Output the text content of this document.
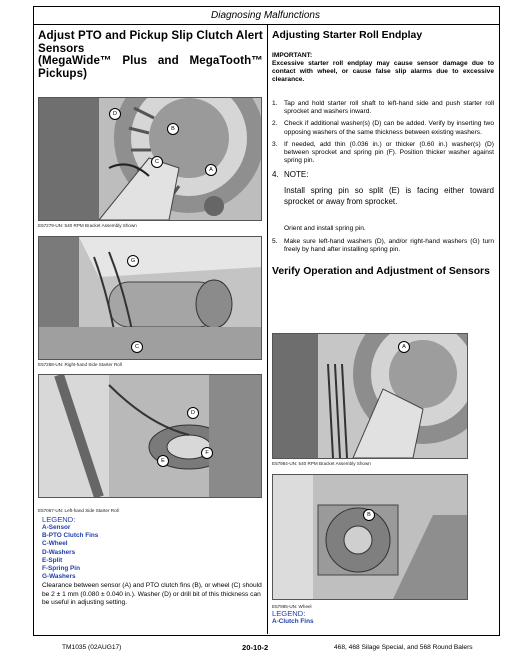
Diagnosing Malfunctions
Adjust PTO and Pickup Slip Clutch Alert
Sensors
(MegaWide™ Plus and MegaTooth™
Pickups)
D
B
C
A
E57279-UN: 540 RPM Bracket Assembly Shown
G
C
E57268-UN: Right-hand Side Starter Roll
D
F
E
E57067-UN: Left-hand Side Starter Roll
LEGEND:
A-Sensor
B-PTO Clutch Fins
C-Wheel
D-Washers
E-Split
F-Spring Pin
G-Washers
Clearance between sensor (A) and PTO clutch fins (B), or wheel (C) should be 2 ± 1 mm (0.080 ± 0.040 in.). Washer (D) or drill bit of this thickness can be useful in adjusting setting.
Adjusting Starter Roll Endplay
IMPORTANT:
Excessive starter roll endplay may cause sensor damage due to contact with wheel, or cause false slip alarms due to excessive clearance.
1. Tap and hold starter roll shaft to left-hand side and push starter roll sprocket and washers inward.
2. Check if additional washer(s) (D) can be added. Verify by inserting two opposing washers of the same thickness between existing washers.
3. If needed, add thin (0.036 in.) or thicker (0.60 in.) washer(s) (D) between sprocket and spring pin (F). Position thicker washer against spring pin.
4. NOTE:
Install spring pin so split (E) is facing either toward sprocket or away from sprocket.
Orient and install spring pin.
5. Make sure left-hand washers (D), and/or right-hand washers (G) turn freely by hand after installing spring pin.
Verify Operation and Adjustment of Sensors
A
E57984-UN: 540 RPM Bracket Assembly Shown
B
E57985-UN: Wheel
LEGEND:
A-Clutch Fins
TM1035 (02AUG17)	20-10-2	468, 468 Silage Special, and 568 Round Balers
